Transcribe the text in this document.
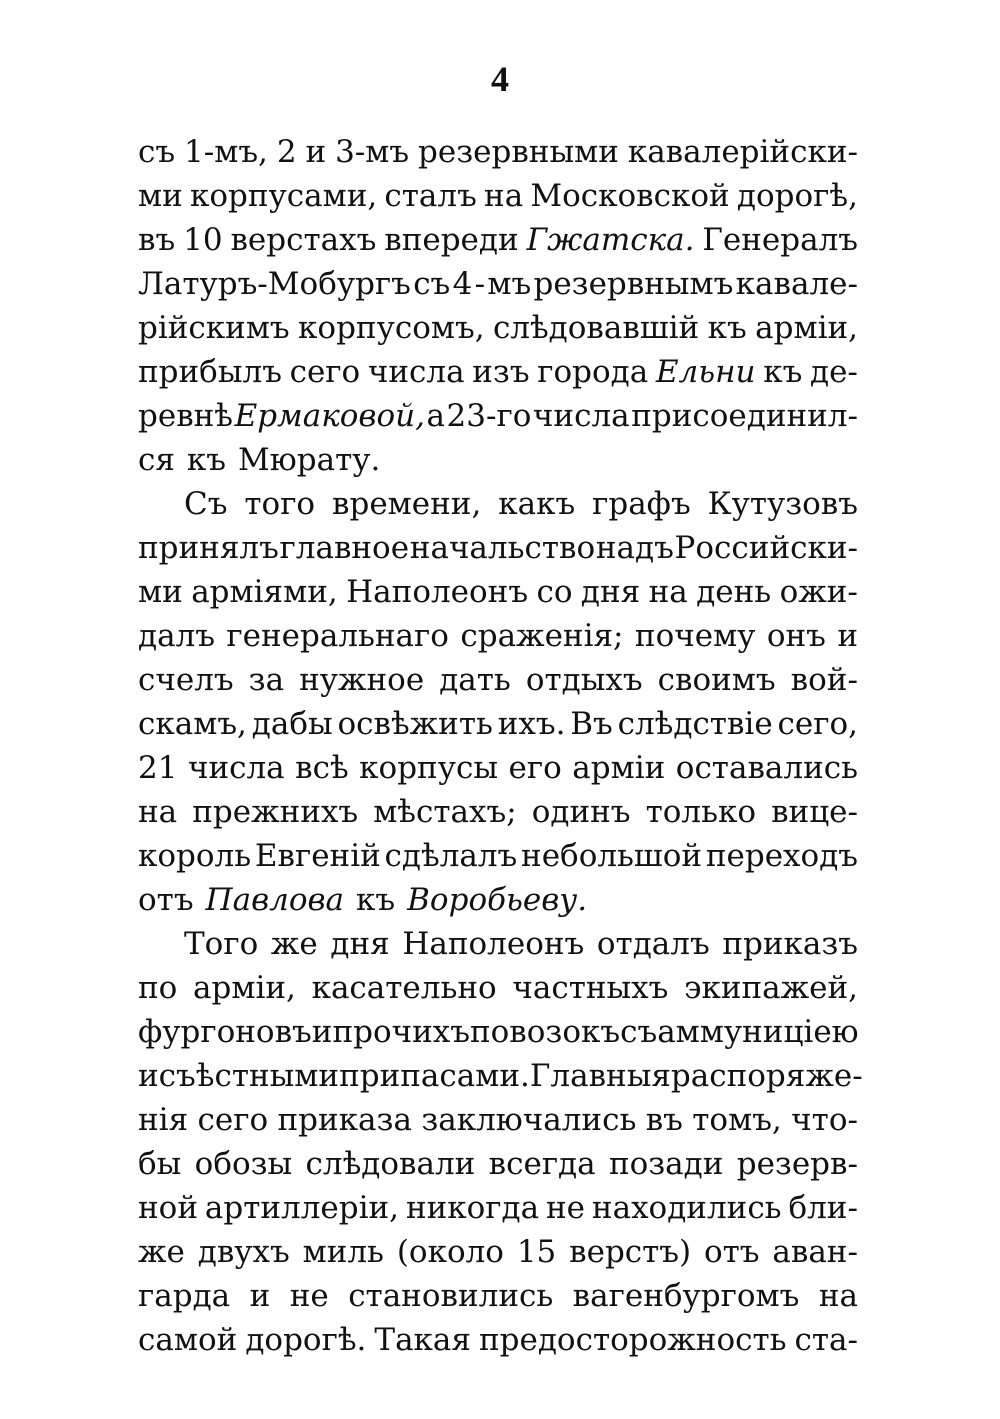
4
съ 1-мъ, 2 и 3-мъ резервными кавалерійски-
ми корпусами, сталъ на Московской дорогѣ,
въ 10 верстахъ впереди Гжатска. Генералъ
Латуръ-Мобургъ съ 4 - мъ резервнымъ кавале-
рійскимъ корпусомъ, слѣдовавшій къ арміи,
прибылъ сего числа изъ города Ельни къ де-
ревнѣ Ермаковой, а 23-го числа присоединил-
ся къ Мюрату.
Съ того времени, какъ графъ Кутузовъ
принялъ главное начальство надъ Российски-
ми арміями, Наполеонъ со дня на день ожи-
далъ генеральнаго сраженія; почему онъ и
счелъ за нужное дать отдыхъ своимъ вой-
скамъ, дабы освѣжить ихъ. Въ слѣдствіе сего,
21 числа всѣ корпусы его арміи оставались
на прежнихъ мѣстахъ; одинъ только вице-
король Евгеній сдѣлалъ небольшой переходъ
отъ Павлова къ Воробьеву.
Того же дня Наполеонъ отдалъ приказъ
по арміи, касательно частныхъ экипажей,
фургоновъ и прочихъ повозокъ съ аммуниціею
и съѣстными припасами. Главныя распоряже-
нія сего приказа заключались въ томъ, что-
бы обозы слѣдовали всегда позади резерв-
ной артиллеріи, никогда не находились бли-
же двухъ миль (около 15 верстъ) отъ аван-
гарда и не становились вагенбургомъ на
самой дорогѣ. Такая предосторожность ста-
